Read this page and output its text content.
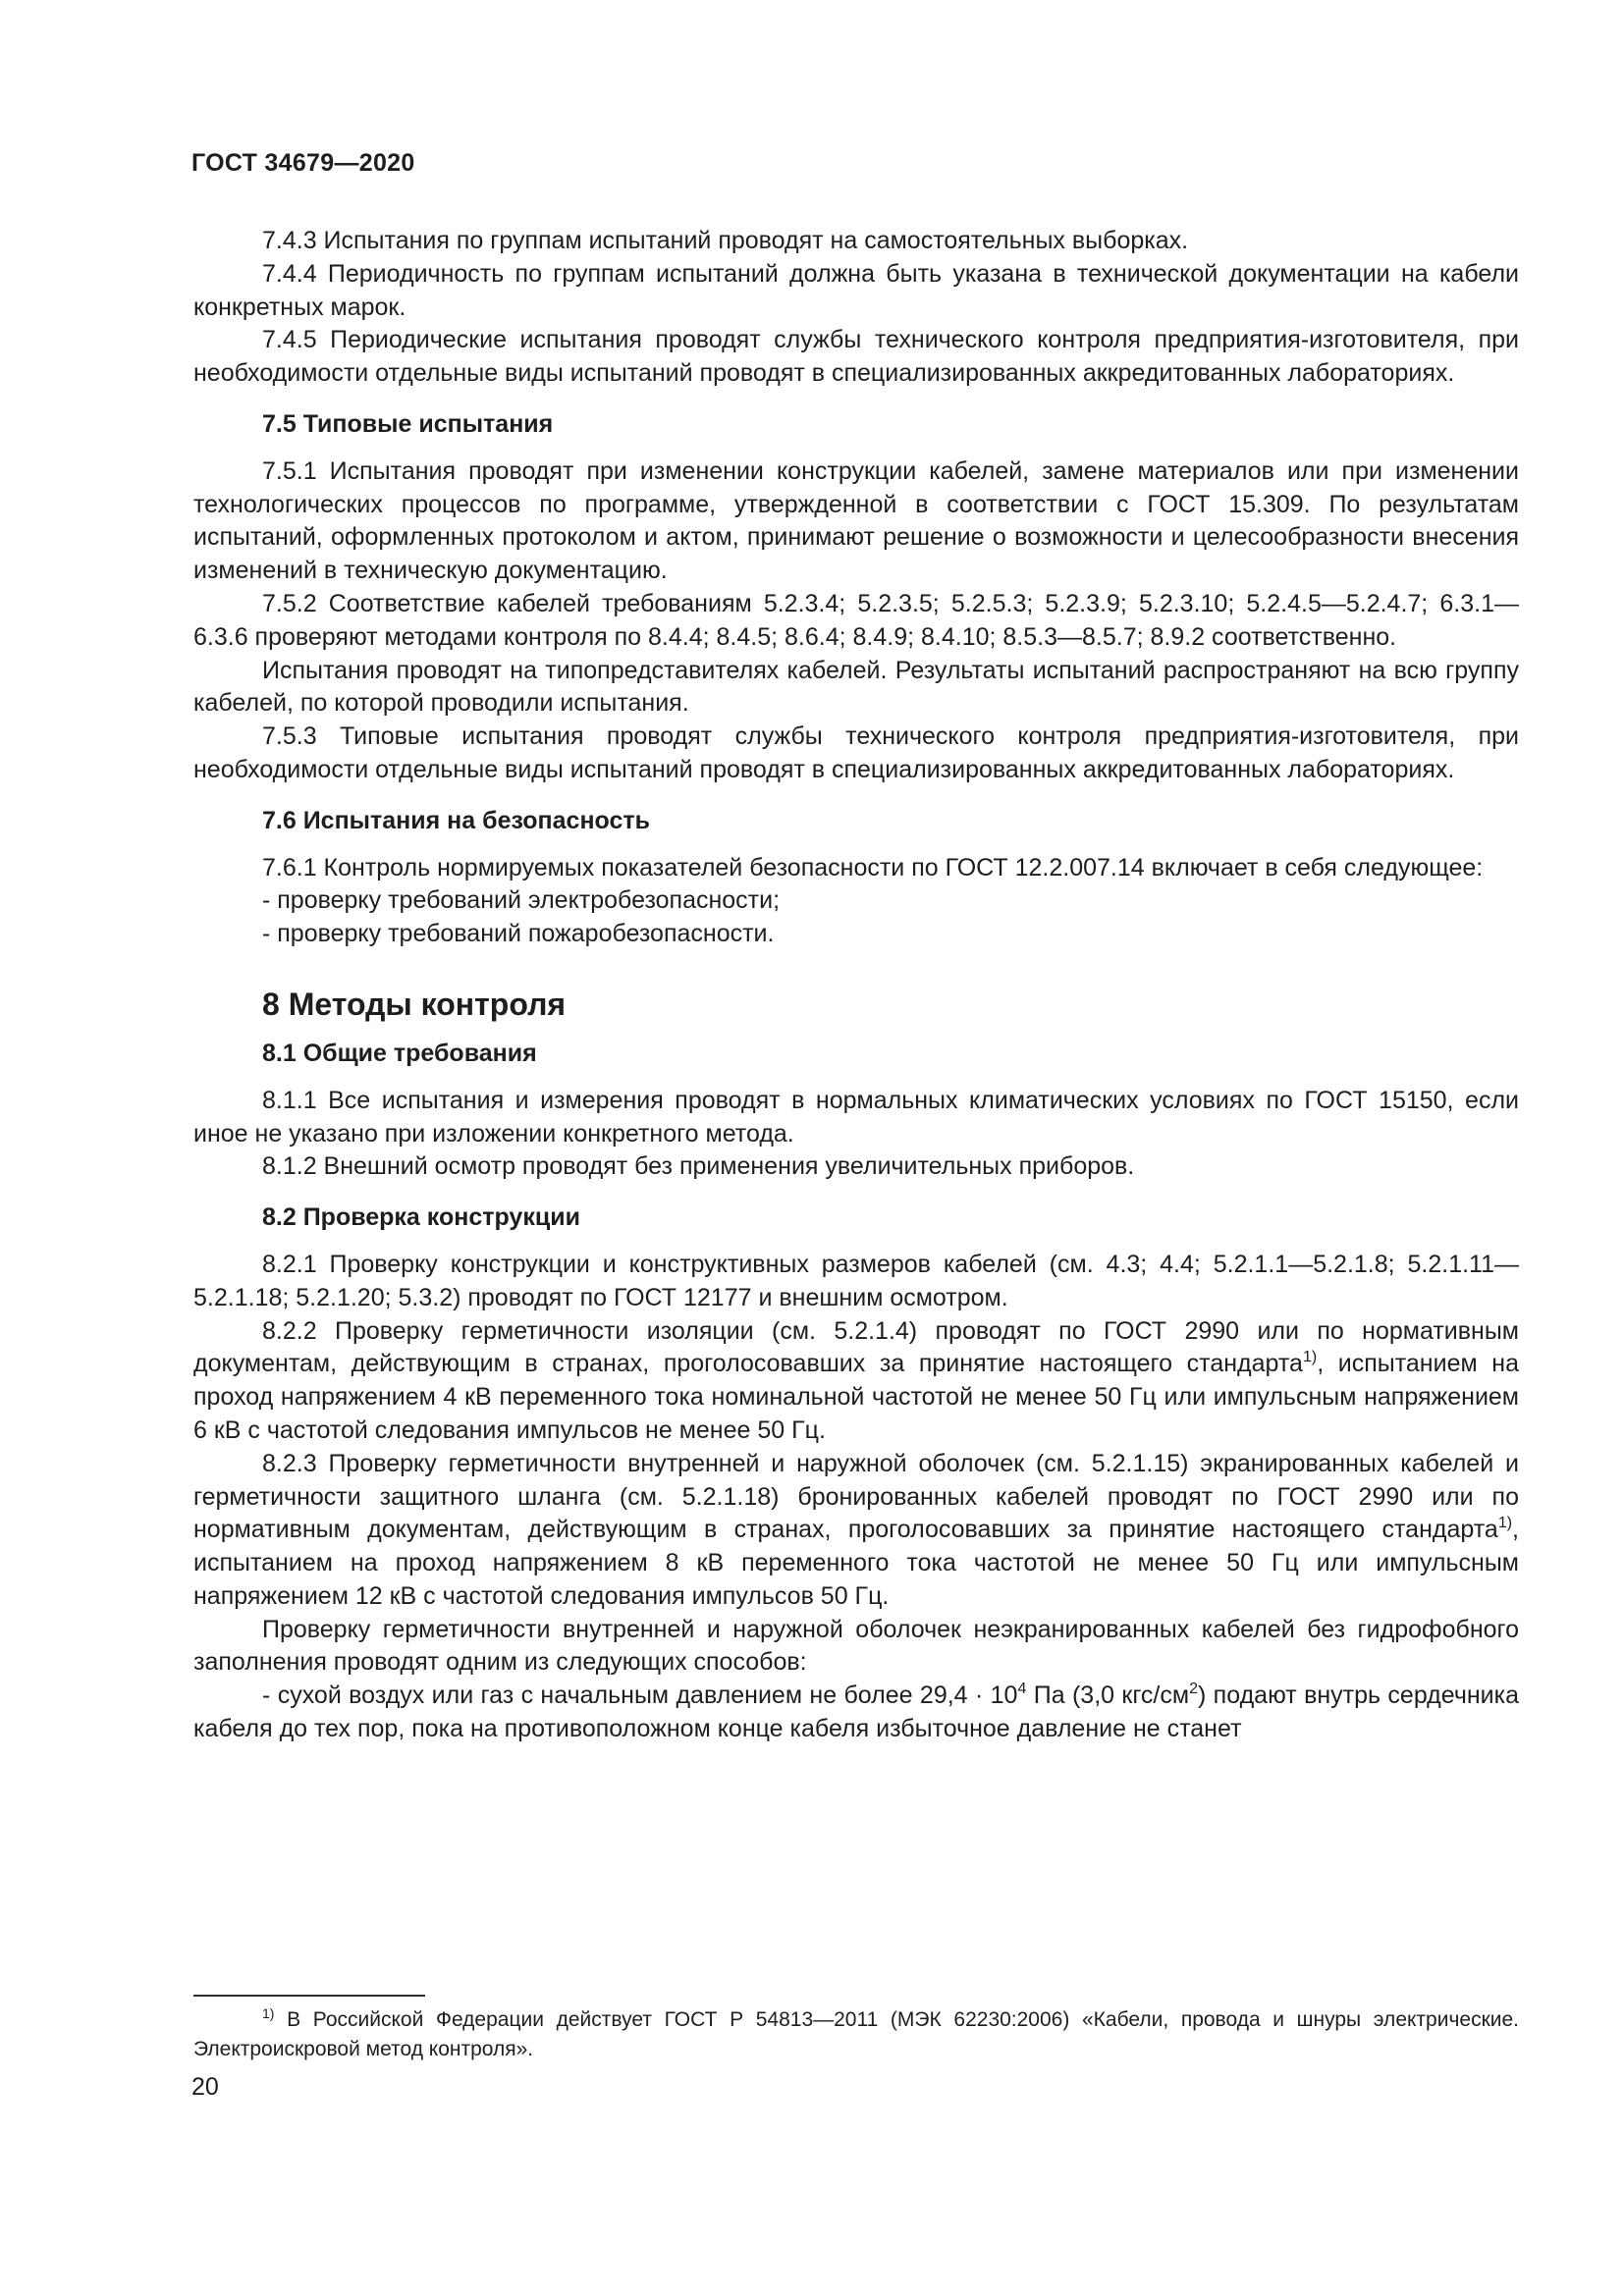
ГОСТ 34679—2020

7.4.3 Испытания по группам испытаний проводят на самостоятельных выборках.

7.4.4 Периодичность по группам испытаний должна быть указана в технической документации на кабели конкретных марок.

7.4.5 Периодические испытания проводят службы технического контроля предприятия-изготовителя, при необходимости отдельные виды испытаний проводят в специализированных аккредитованных лабораториях.

7.5 Типовые испытания

7.5.1 Испытания проводят при изменении конструкции кабелей, замене материалов или при изменении технологических процессов по программе, утвержденной в соответствии с ГОСТ 15.309. По результатам испытаний, оформленных протоколом и актом, принимают решение о возможности и целесообразности внесения изменений в техническую документацию.

7.5.2 Соответствие кабелей требованиям 5.2.3.4; 5.2.3.5; 5.2.5.3; 5.2.3.9; 5.2.3.10; 5.2.4.5—5.2.4.7; 6.3.1—6.3.6 проверяют методами контроля по 8.4.4; 8.4.5; 8.6.4; 8.4.9; 8.4.10; 8.5.3—8.5.7; 8.9.2 соответственно.

Испытания проводят на типопредставителях кабелей. Результаты испытаний распространяют на всю группу кабелей, по которой проводили испытания.

7.5.3 Типовые испытания проводят службы технического контроля предприятия-изготовителя, при необходимости отдельные виды испытаний проводят в специализированных аккредитованных лабораториях.

7.6 Испытания на безопасность

7.6.1 Контроль нормируемых показателей безопасности по ГОСТ 12.2.007.14 включает в себя следующее:

- проверку требований электробезопасности;

- проверку требований пожаробезопасности.

8 Методы контроля
8.1 Общие требования

8.1.1 Все испытания и измерения проводят в нормальных климатических условиях по ГОСТ 15150, если иное не указано при изложении конкретного метода.

8.1.2 Внешний осмотр проводят без применения увеличительных приборов.

8.2 Проверка конструкции

8.2.1 Проверку конструкции и конструктивных размеров кабелей (см. 4.3; 4.4; 5.2.1.1—5.2.1.8; 5.2.1.11—5.2.1.18; 5.2.1.20; 5.3.2) проводят по ГОСТ 12177 и внешним осмотром.

8.2.2 Проверку герметичности изоляции (см. 5.2.1.4) проводят по ГОСТ 2990 или по нормативным документам, действующим в странах, проголосовавших за принятие настоящего стандарта$^{1)}$, испытанием на проход напряжением 4 кВ переменного тока номинальной частотой не менее 50 Гц или импульсным напряжением 6 кВ с частотой следования импульсов не менее 50 Гц.

8.2.3 Проверку герметичности внутренней и наружной оболочек (см. 5.2.1.15) экранированных кабелей и герметичности защитного шланга (см. 5.2.1.18) бронированных кабелей проводят по ГОСТ 2990 или по нормативным документам, действующим в странах, проголосовавших за принятие настоящего стандарта$^{1)}$, испытанием на проход напряжением 8 кВ переменного тока частотой не менее 50 Гц или импульсным напряжением 12 кВ с частотой следования импульсов 50 Гц.

Проверку герметичности внутренней и наружной оболочек неэкранированных кабелей без гидрофобного заполнения проводят одним из следующих способов:

- сухой воздух или газ с начальным давлением не более $29,4 \cdot 10^4$ Па (3,0 кгс/$см^2$) подают внутрь сердечника кабеля до тех пор, пока на противоположном конце кабеля избыточное давление не станет

$^{1)}$ В Российской Федерации действует ГОСТ Р 54813—2011 (МЭК 62230:2006) «Кабели, провода и шнуры электрические. Электроискровой метод контроля».
20
